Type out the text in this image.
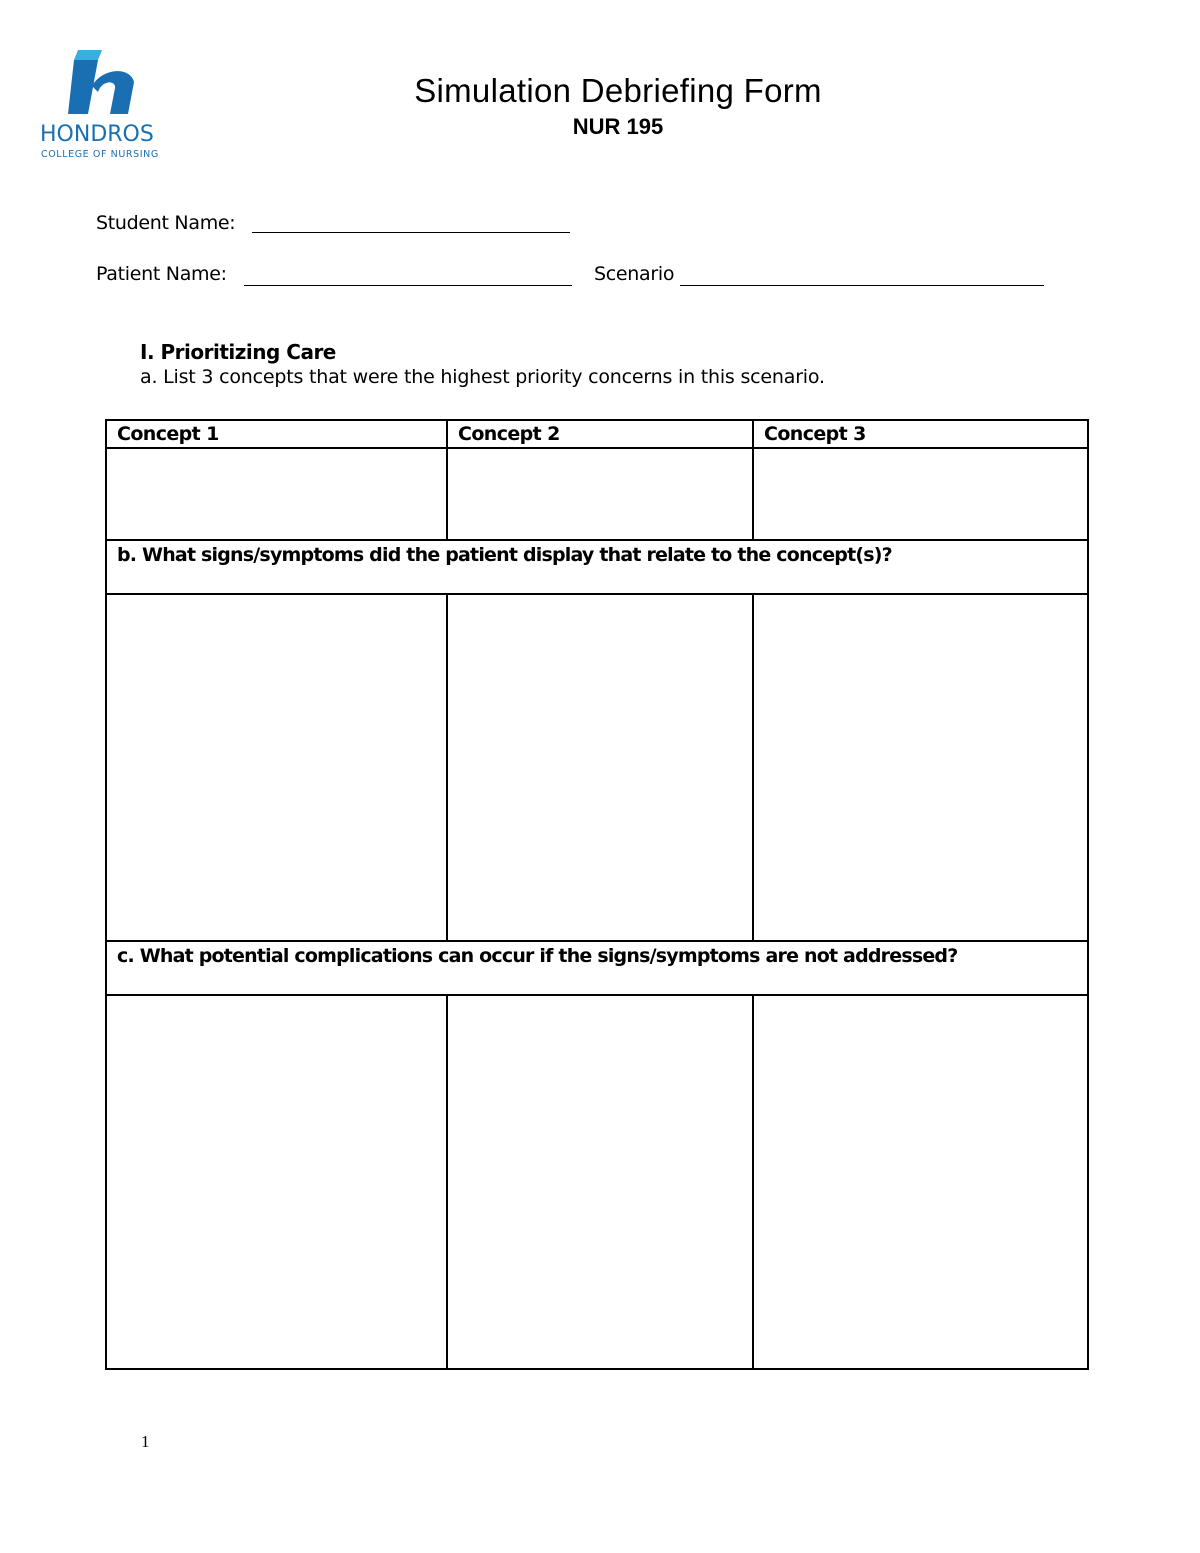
HONDROS
COLLEGE OF NURSING
Simulation Debriefing Form
NUR 195
Student Name:
Patient Name:	Scenario
I. Prioritizing Care
a. List 3 concepts that were the highest priority concerns in this scenario.
Concept 1	Concept 2	Concept 3

b. What signs/symptoms did the patient display that relate to the concept(s)?		

c. What potential complications can occur if the signs/symptoms are not addressed?		

1
